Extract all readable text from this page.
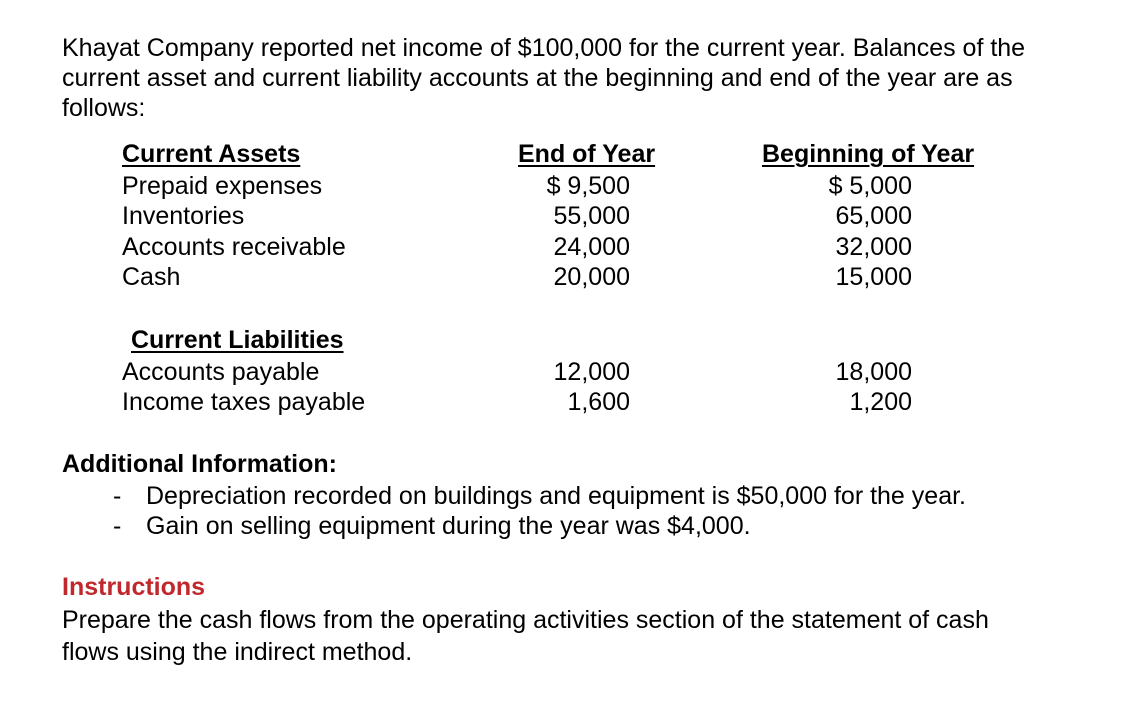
Khayat Company reported net income of $100,000 for the current year. Balances of the
current asset and current liability accounts at the beginning and end of the year are as
follows:
Current Assets	End of Year	Beginning of Year
Prepaid expenses	$ 9,500	$ 5,000
Inventories	55,000	65,000
Accounts receivable	24,000	32,000
Cash	20,000	15,000
Current Liabilities
Accounts payable	12,000	18,000
Income taxes payable	1,600	1,200
Additional Information:
- Depreciation recorded on buildings and equipment is $50,000 for the year.
- Gain on selling equipment during the year was $4,000.
Instructions
Prepare the cash flows from the operating activities section of the statement of cash
flows using the indirect method.
